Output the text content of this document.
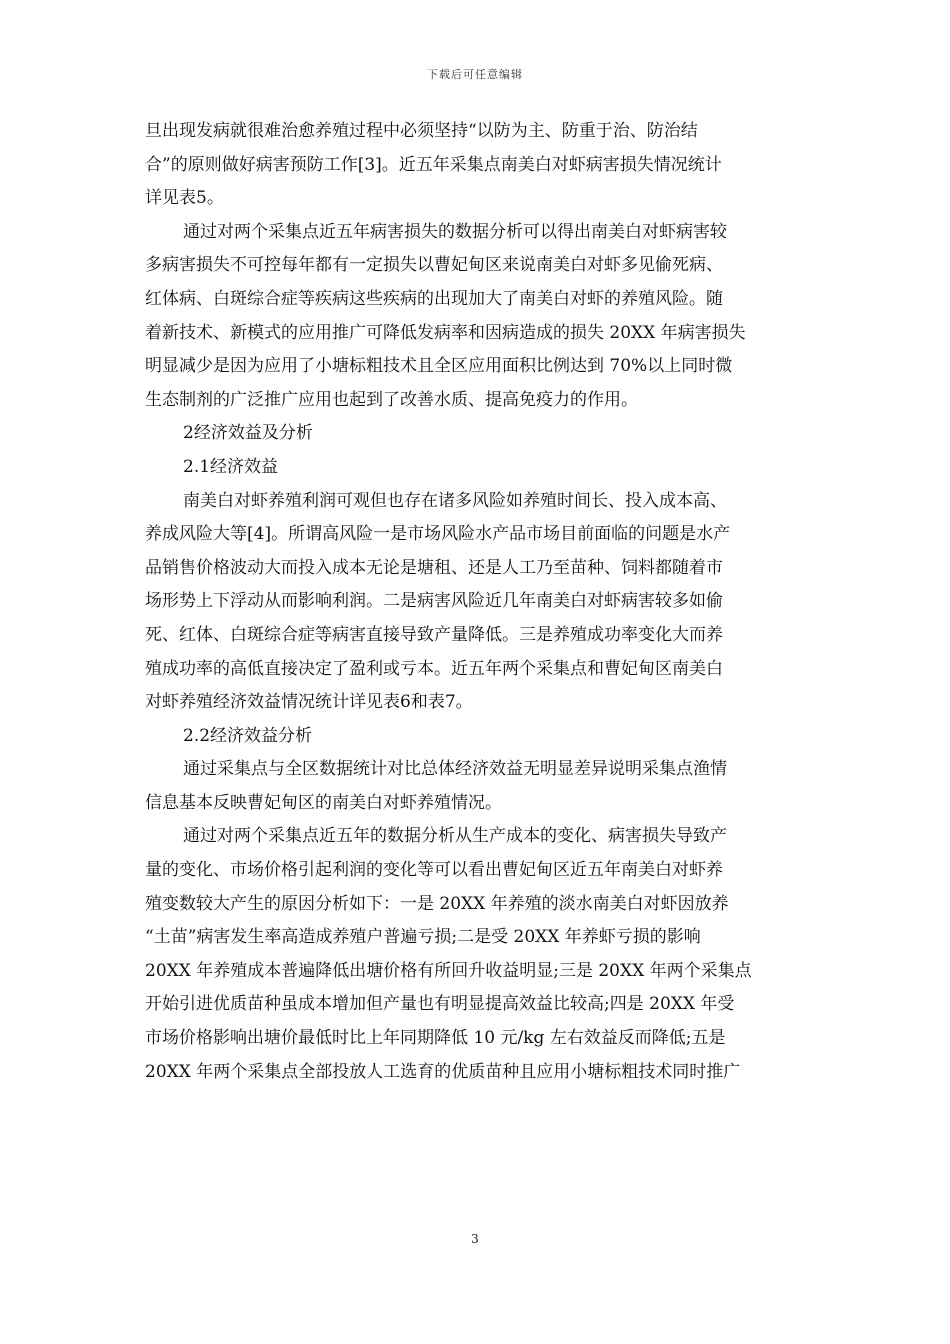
下载后可任意编辑
旦出现发病就很难治愈养殖过程中必须坚持“以防为主、防重于治、防治结
合”的原则做好病害预防工作[3]。近五年采集点南美白对虾病害损失情况统计
详见表5。
通过对两个采集点近五年病害损失的数据分析可以得出南美白对虾病害较
多病害损失不可控每年都有一定损失以曹妃甸区来说南美白对虾多见偷死病、
红体病、白斑综合症等疾病这些疾病的出现加大了南美白对虾的养殖风险。随
着新技术、新模式的应用推广可降低发病率和因病造成的损失 20XX 年病害损失
明显减少是因为应用了小塘标粗技术且全区应用面积比例达到 70%以上同时微
生态制剂的广泛推广应用也起到了改善水质、提高免疫力的作用。
2经济效益及分析
2.1经济效益
南美白对虾养殖利润可观但也存在诸多风险如养殖时间长、投入成本高、
养成风险大等[4]。所谓高风险一是市场风险水产品市场目前面临的问题是水产
品销售价格波动大而投入成本无论是塘租、还是人工乃至苗种、饲料都随着市
场形势上下浮动从而影响利润。二是病害风险近几年南美白对虾病害较多如偷
死、红体、白斑综合症等病害直接导致产量降低。三是养殖成功率变化大而养
殖成功率的高低直接决定了盈利或亏本。近五年两个采集点和曹妃甸区南美白
对虾养殖经济效益情况统计详见表6和表7。
2.2经济效益分析
通过采集点与全区数据统计对比总体经济效益无明显差异说明采集点渔情
信息基本反映曹妃甸区的南美白对虾养殖情况。
通过对两个采集点近五年的数据分析从生产成本的变化、病害损失导致产
量的变化、市场价格引起利润的变化等可以看出曹妃甸区近五年南美白对虾养
殖变数较大产生的原因分析如下：一是 20XX 年养殖的淡水南美白对虾因放养
“土苗”病害发生率高造成养殖户普遍亏损;二是受 20XX 年养虾亏损的影响
20XX 年养殖成本普遍降低出塘价格有所回升收益明显;三是 20XX 年两个采集点
开始引进优质苗种虽成本增加但产量也有明显提高效益比较高;四是 20XX 年受
市场价格影响出塘价最低时比上年同期降低 10 元/kg 左右效益反而降低;五是
20XX 年两个采集点全部投放人工选育的优质苗种且应用小塘标粗技术同时推广
3
